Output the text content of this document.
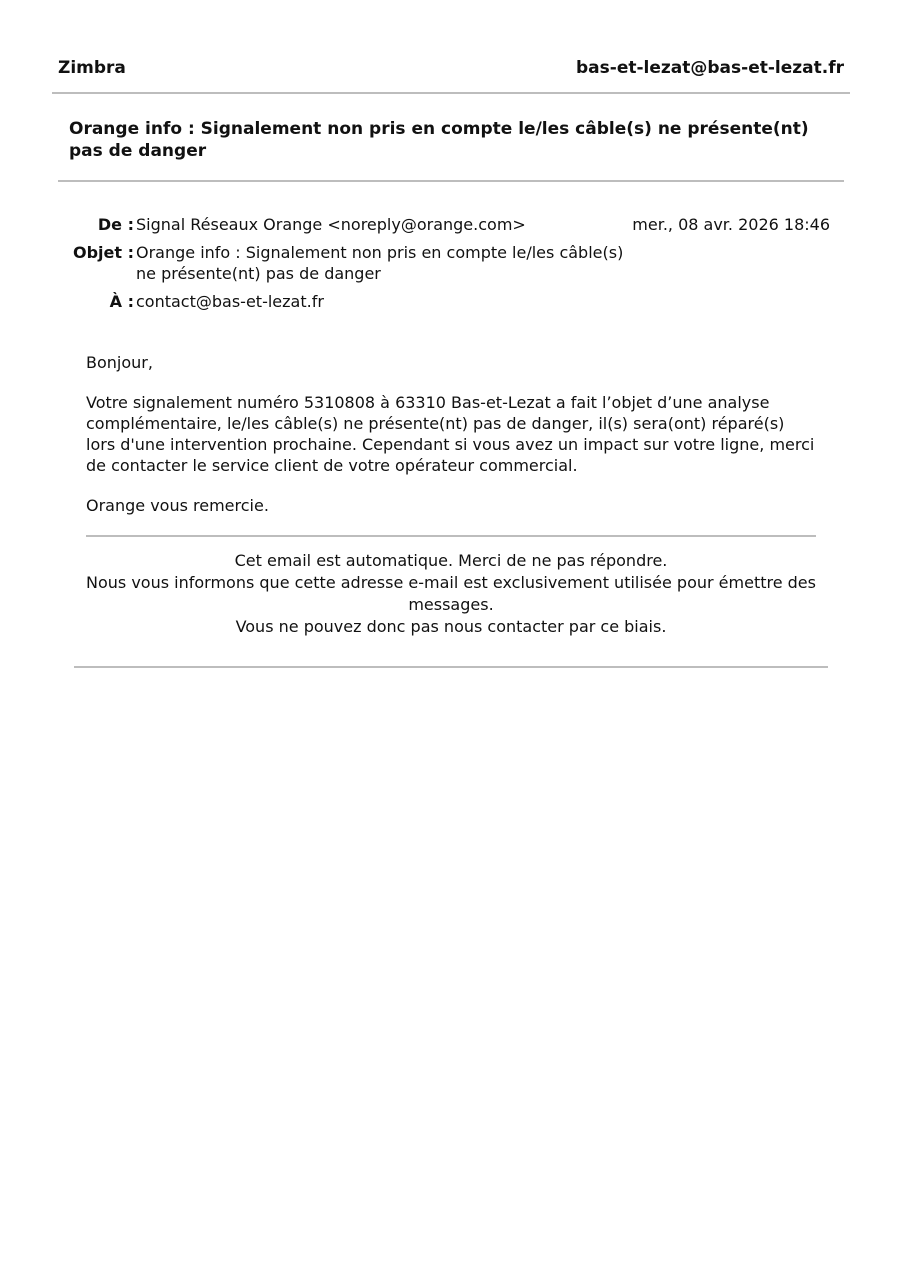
Zimbra	bas-et-lezat@bas-et-lezat.fr
Orange info : Signalement non pris en compte le/les câble(s) ne présente(nt) pas de danger
De : Signal Réseaux Orange <noreply@orange.com>	mer., 08 avr. 2026 18:46
Objet : Orange info : Signalement non pris en compte le/les câble(s) ne présente(nt) pas de danger
À : contact@bas-et-lezat.fr

Bonjour,

Votre signalement numéro 5310808 à 63310 Bas-et-Lezat a fait l’objet d’une analyse complémentaire, le/les câble(s) ne présente(nt) pas de danger, il(s) sera(ont) réparé(s) lors d'une intervention prochaine. Cependant si vous avez un impact sur votre ligne, merci de contacter le service client de votre opérateur commercial.

Orange vous remercie.

Cet email est automatique. Merci de ne pas répondre.
Nous vous informons que cette adresse e-mail est exclusivement utilisée pour émettre des messages.
Vous ne pouvez donc pas nous contacter par ce biais.
